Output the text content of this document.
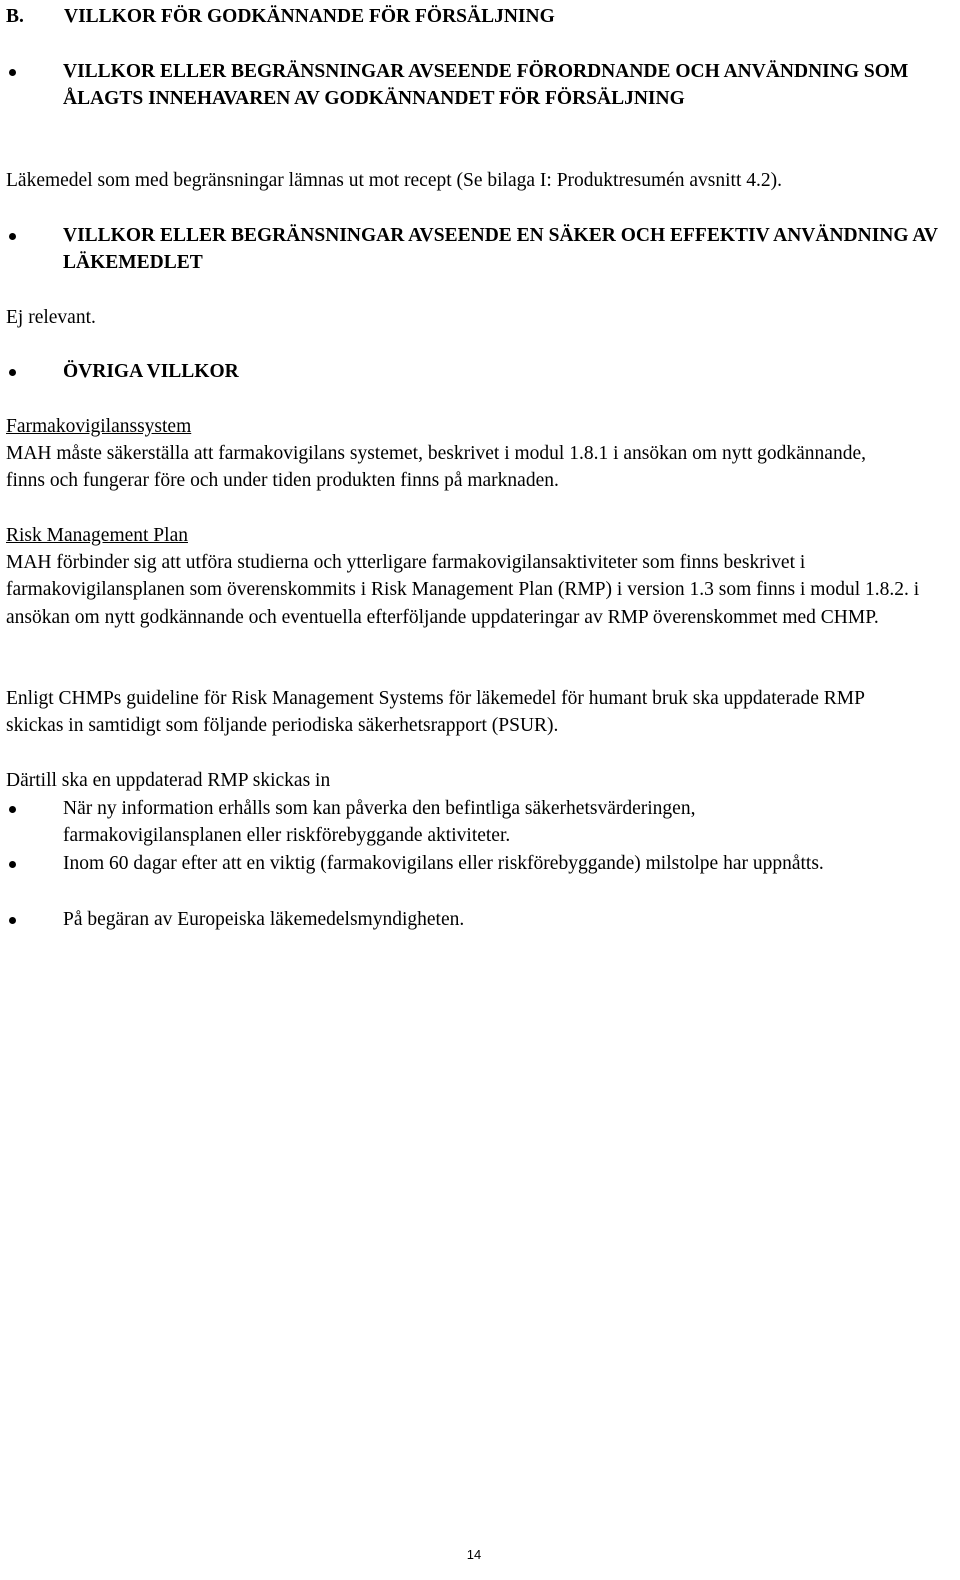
B. VILLKOR FÖR GODKÄNNANDE FÖR FÖRSÄLJNING
VILLKOR ELLER BEGRÄNSNINGAR AVSEENDE FÖRORDNANDE OCH ANVÄNDNING SOM ÅLAGTS INNEHAVAREN AV GODKÄNNANDET FÖR FÖRSÄLJNING

Läkemedel som med begränsningar lämnas ut mot recept (Se bilaga I: Produktresumén avsnitt 4.2).

VILLKOR ELLER BEGRÄNSNINGAR AVSEENDE EN SÄKER OCH EFFEKTIV ANVÄNDNING AV LÄKEMEDLET

Ej relevant.

ÖVRIGA VILLKOR

Farmakovigilanssystem

MAH måste säkerställa att farmakovigilans systemet, beskrivet i modul 1.8.1 i ansökan om nytt godkännande, finns och fungerar före och under tiden produkten finns på marknaden.

Risk Management Plan

MAH förbinder sig att utföra studierna och ytterligare farmakovigilansaktiviteter som finns beskrivet i farmakovigilansplanen som överenskommits i Risk Management Plan (RMP) i version 1.3 som finns i modul 1.8.2. i ansökan om nytt godkännande och eventuella efterföljande uppdateringar av RMP överenskommet med CHMP.

Enligt CHMPs guideline för Risk Management Systems för läkemedel för humant bruk ska uppdaterade RMP skickas in samtidigt som följande periodiska säkerhetsrapport (PSUR).

Därtill ska en uppdaterad RMP skickas in

När ny information erhålls som kan påverka den befintliga säkerhetsvärderingen, farmakovigilansplanen eller riskförebyggande aktiviteter.
Inom 60 dagar efter att en viktig (farmakovigilans eller riskförebyggande) milstolpe har uppnåtts.
På begäran av Europeiska läkemedelsmyndigheten.
14
